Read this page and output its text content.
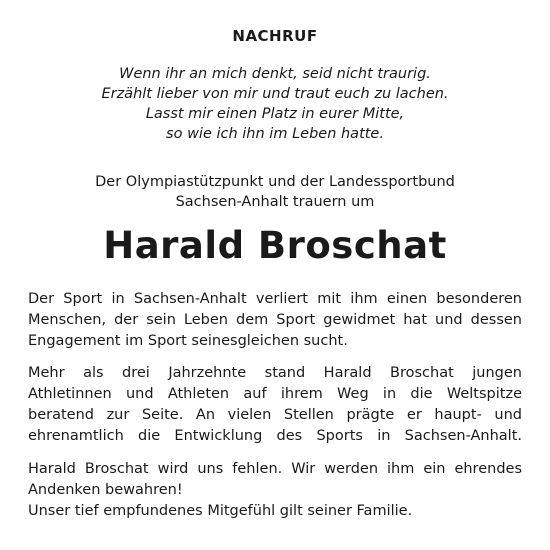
NACHRUF
Wenn ihr an mich denkt, seid nicht traurig.
Erzählt lieber von mir und traut euch zu lachen.
Lasst mir einen Platz in eurer Mitte,
so wie ich ihn im Leben hatte.
Der Olympiastützpunkt und der Landessportbund
Sachsen-Anhalt trauern um
Harald Broschat
Der Sport in Sachsen-Anhalt verliert mit ihm einen besonderen
Menschen, der sein Leben dem Sport gewidmet hat und dessen
Engagement im Sport seinesgleichen sucht.
Mehr als drei Jahrzehnte stand Harald Broschat jungen
Athletinnen und Athleten auf ihrem Weg in die Weltspitze
beratend zur Seite. An vielen Stellen prägte er haupt- und
ehrenamtlich die Entwicklung des Sports in Sachsen-Anhalt.
Harald Broschat wird uns fehlen. Wir werden ihm ein ehrendes
Andenken bewahren!
Unser tief empfundenes Mitgefühl gilt seiner Familie.
